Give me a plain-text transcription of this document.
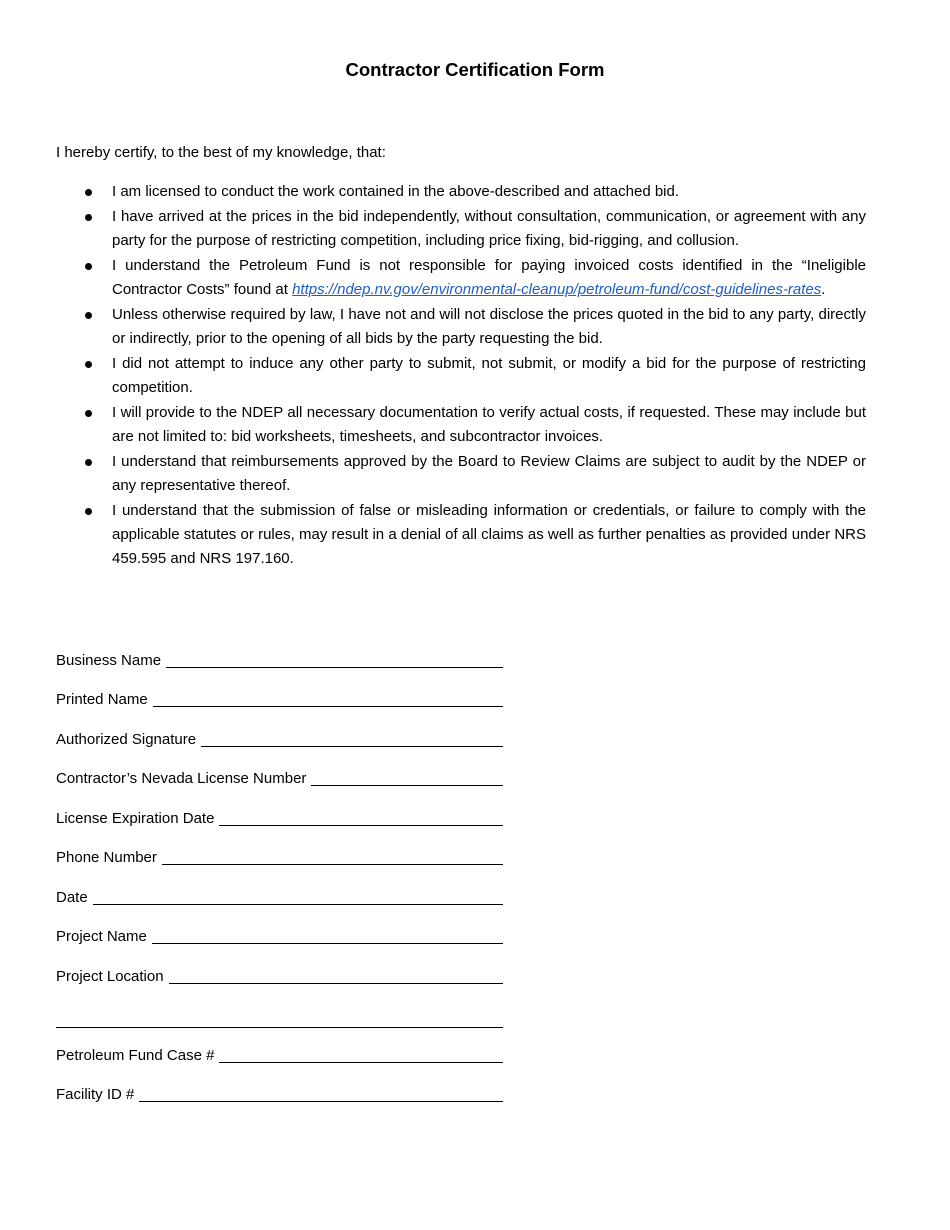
Contractor Certification Form
I hereby certify, to the best of my knowledge, that:
I am licensed to conduct the work contained in the above-described and attached bid.
I have arrived at the prices in the bid independently, without consultation, communication, or agreement with any party for the purpose of restricting competition, including price fixing, bid-rigging, and collusion.
I understand the Petroleum Fund is not responsible for paying invoiced costs identified in the “Ineligible Contractor Costs” found at https://ndep.nv.gov/environmental-cleanup/petroleum-fund/cost-guidelines-rates.
Unless otherwise required by law, I have not and will not disclose the prices quoted in the bid to any party, directly or indirectly, prior to the opening of all bids by the party requesting the bid.
I did not attempt to induce any other party to submit, not submit, or modify a bid for the purpose of restricting competition.
I will provide to the NDEP all necessary documentation to verify actual costs, if requested. These may include but are not limited to: bid worksheets, timesheets, and subcontractor invoices.
I understand that reimbursements approved by the Board to Review Claims are subject to audit by the NDEP or any representative thereof.
I understand that the submission of false or misleading information or credentials, or failure to comply with the applicable statutes or rules, may result in a denial of all claims as well as further penalties as provided under NRS 459.595 and NRS 197.160.
Business Name
Printed Name
Authorized Signature
Contractor’s Nevada License Number
License Expiration Date
Phone Number
Date
Project Name
Project Location
Petroleum Fund Case #
Facility ID #
